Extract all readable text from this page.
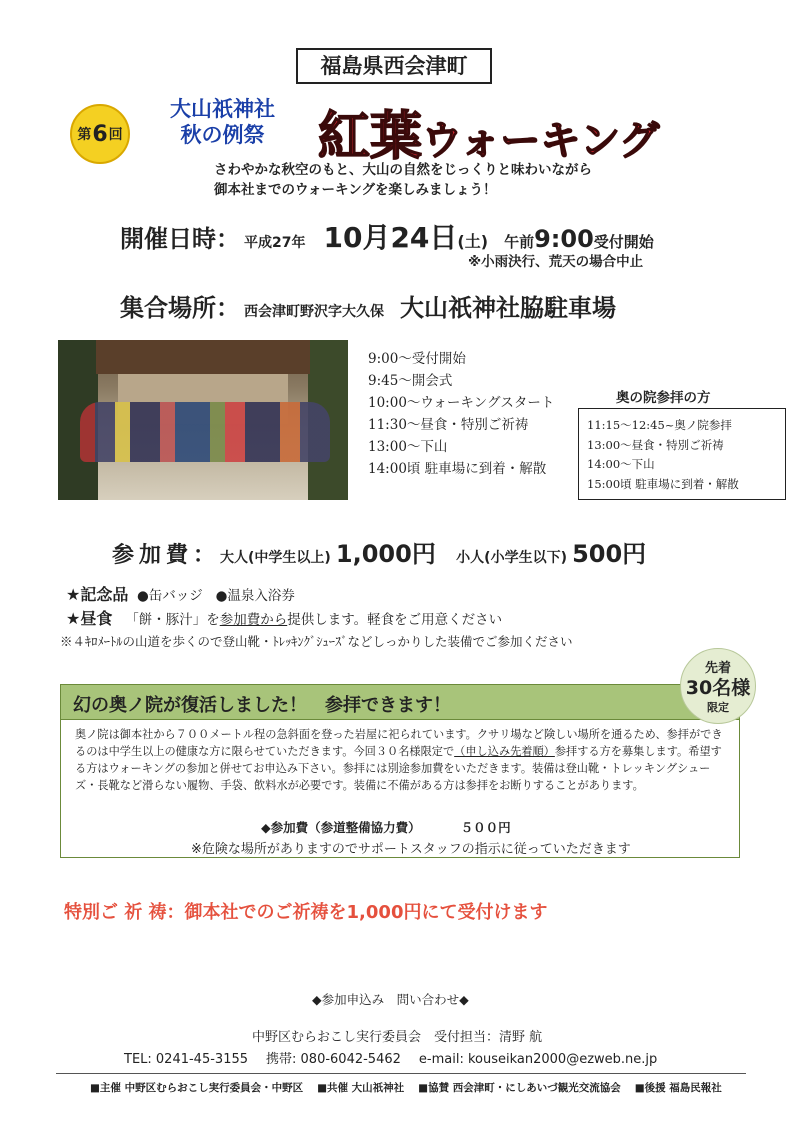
福島県西会津町
第 6 回
大山祇神社
秋の例祭 紅葉ウォーキング
さわやかな秋空のもと、大山の自然をじっくりと味わいながら
御本社までのウォーキングを楽しみましょう！
開催日時： 平成27年 10月24日(土) 午前9:00受付開始
※小雨決行、荒天の場合中止
集合場所： 西会津町野沢字大久保 大山祇神社脇駐車場
9:00～受付開始
9:45～開会式
10:00～ウォーキングスタート
11:30～昼食・特別ご祈祷
13:00～下山
14:00頃 駐車場に到着・解散
奥の院参拝の方
11:15～12:45~奥ノ院参拝
13:00～昼食・特別ご祈祷
14:00～下山
15:00頃 駐車場に到着・解散
参加費：大人(中学生以上) 1,000円 小人(小学生以下) 500円
★記念品 ●缶バッジ ●温泉入浴券
★昼食 「餅・豚汁」を参加費から提供します。軽食をご用意ください
※４ｷﾛﾒｰﾄﾙの山道を歩くので登山靴・ﾄﾚｯｷﾝｸﾞｼｭｰｽﾞなどしっかりした装備でご参加ください
先着
30名様
限定
幻の奥ノ院が復活しました！　参拝できます！
奥ノ院は御本社から７００メートル程の急斜面を登った岩屋に祀られています。クサリ場など険しい場所を通るため、参拝ができるのは中学生以上の健康な方に限らせていただきます。今回３０名様限定で（申し込み先着順）参拝する方を募集します。希望する方はウォーキングの参加と併せてお申込み下さい。参拝には別途参加費をいただきます。装備は登山靴・トレッキングシューズ・長靴など滑らない履物、手袋、飲料水が必要です。装備に不備がある方は参拝をお断りすることがあります。
◆参加費（参道整備協力費）	５００円
※危険な場所がありますのでサポートスタッフの指示に従っていただきます
特別ご 祈 祷：御本社でのご祈祷を1,000円にて受付けます
◆参加申込み　問い合わせ◆
中野区むらおこし実行委員会　受付担当：清野 航
TEL: 0241-45-3155 携帯: 080-6042-5462 e-mail: kouseikan2000@ezweb.ne.jp
■主催 中野区むらおこし実行委員会・中野区 ■共催 大山祇神社 ■協賛 西会津町・にしあいづ観光交流協会 ■後援 福島民報社
